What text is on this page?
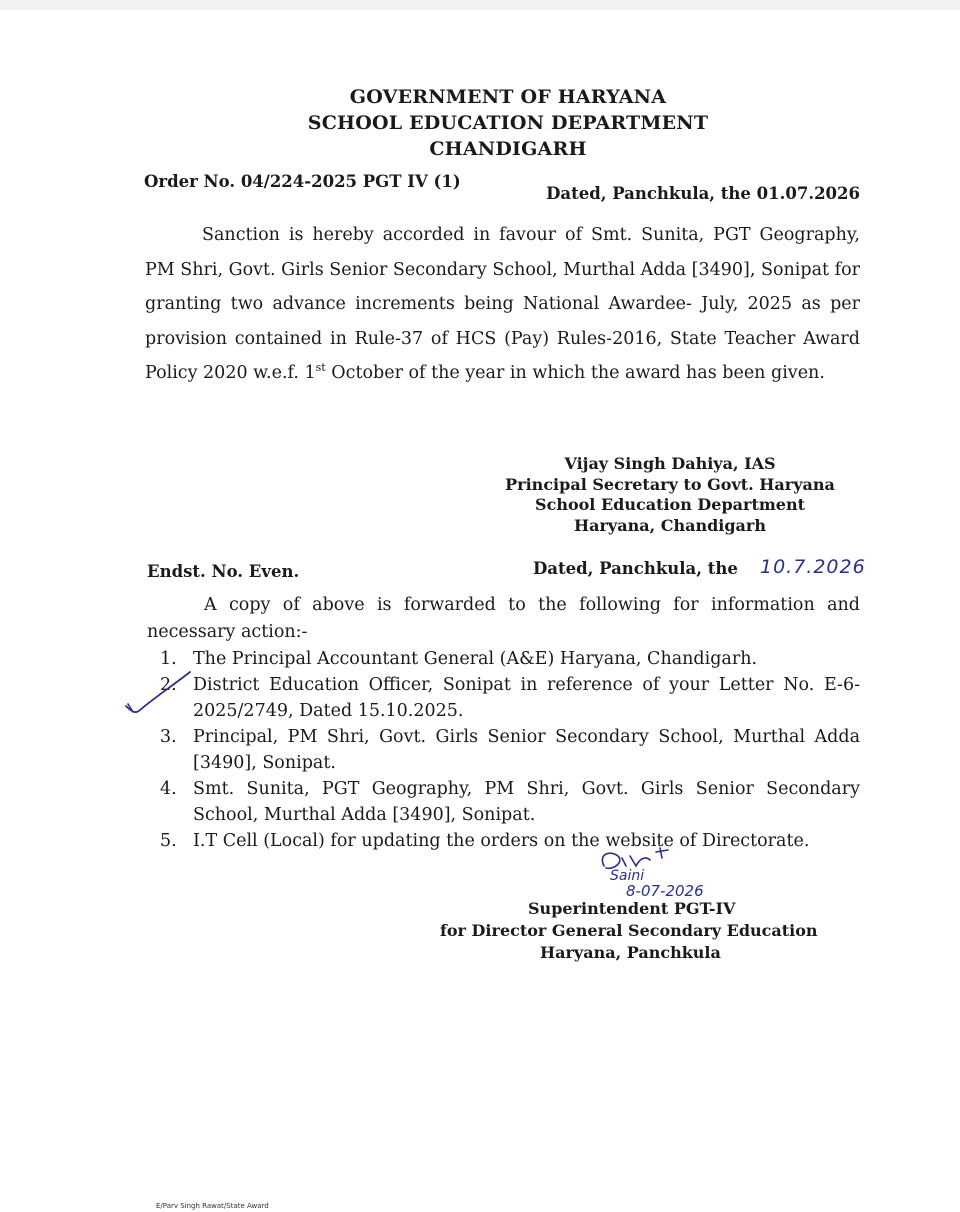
GOVERNMENT OF HARYANA
SCHOOL EDUCATION DEPARTMENT
CHANDIGARH
Order No. 04/224-2025 PGT IV (1)
Dated, Panchkula, the 01.07.2026
Sanction is hereby accorded in favour of Smt. Sunita, PGT Geography, PM Shri, Govt. Girls Senior Secondary School, Murthal Adda [3490], Sonipat for granting two advance increments being National Awardee- July, 2025 as per provision contained in Rule-37 of HCS (Pay) Rules-2016, State Teacher Award Policy 2020 w.e.f. 1st October of the year in which the award has been given.
Vijay Singh Dahiya, IAS
Principal Secretary to Govt. Haryana
School Education Department
Haryana, Chandigarh
Endst. No. Even.	Dated, Panchkula, the 10.7.2026
A copy of above is forwarded to the following for information and necessary action:-
1. The Principal Accountant General (A&E) Haryana, Chandigarh.
2. District Education Officer, Sonipat in reference of your Letter No. E-6-2025/2749, Dated 15.10.2025.
3. Principal, PM Shri, Govt. Girls Senior Secondary School, Murthal Adda [3490], Sonipat.
4. Smt. Sunita, PGT Geography, PM Shri, Govt. Girls Senior Secondary School, Murthal Adda [3490], Sonipat.
5. I.T Cell (Local) for updating the orders on the website of Directorate.
Saini
8-07-2026
Superintendent PGT-IV
for Director General Secondary Education
Haryana, Panchkula
E/Parv Singh Rawat/State Award
